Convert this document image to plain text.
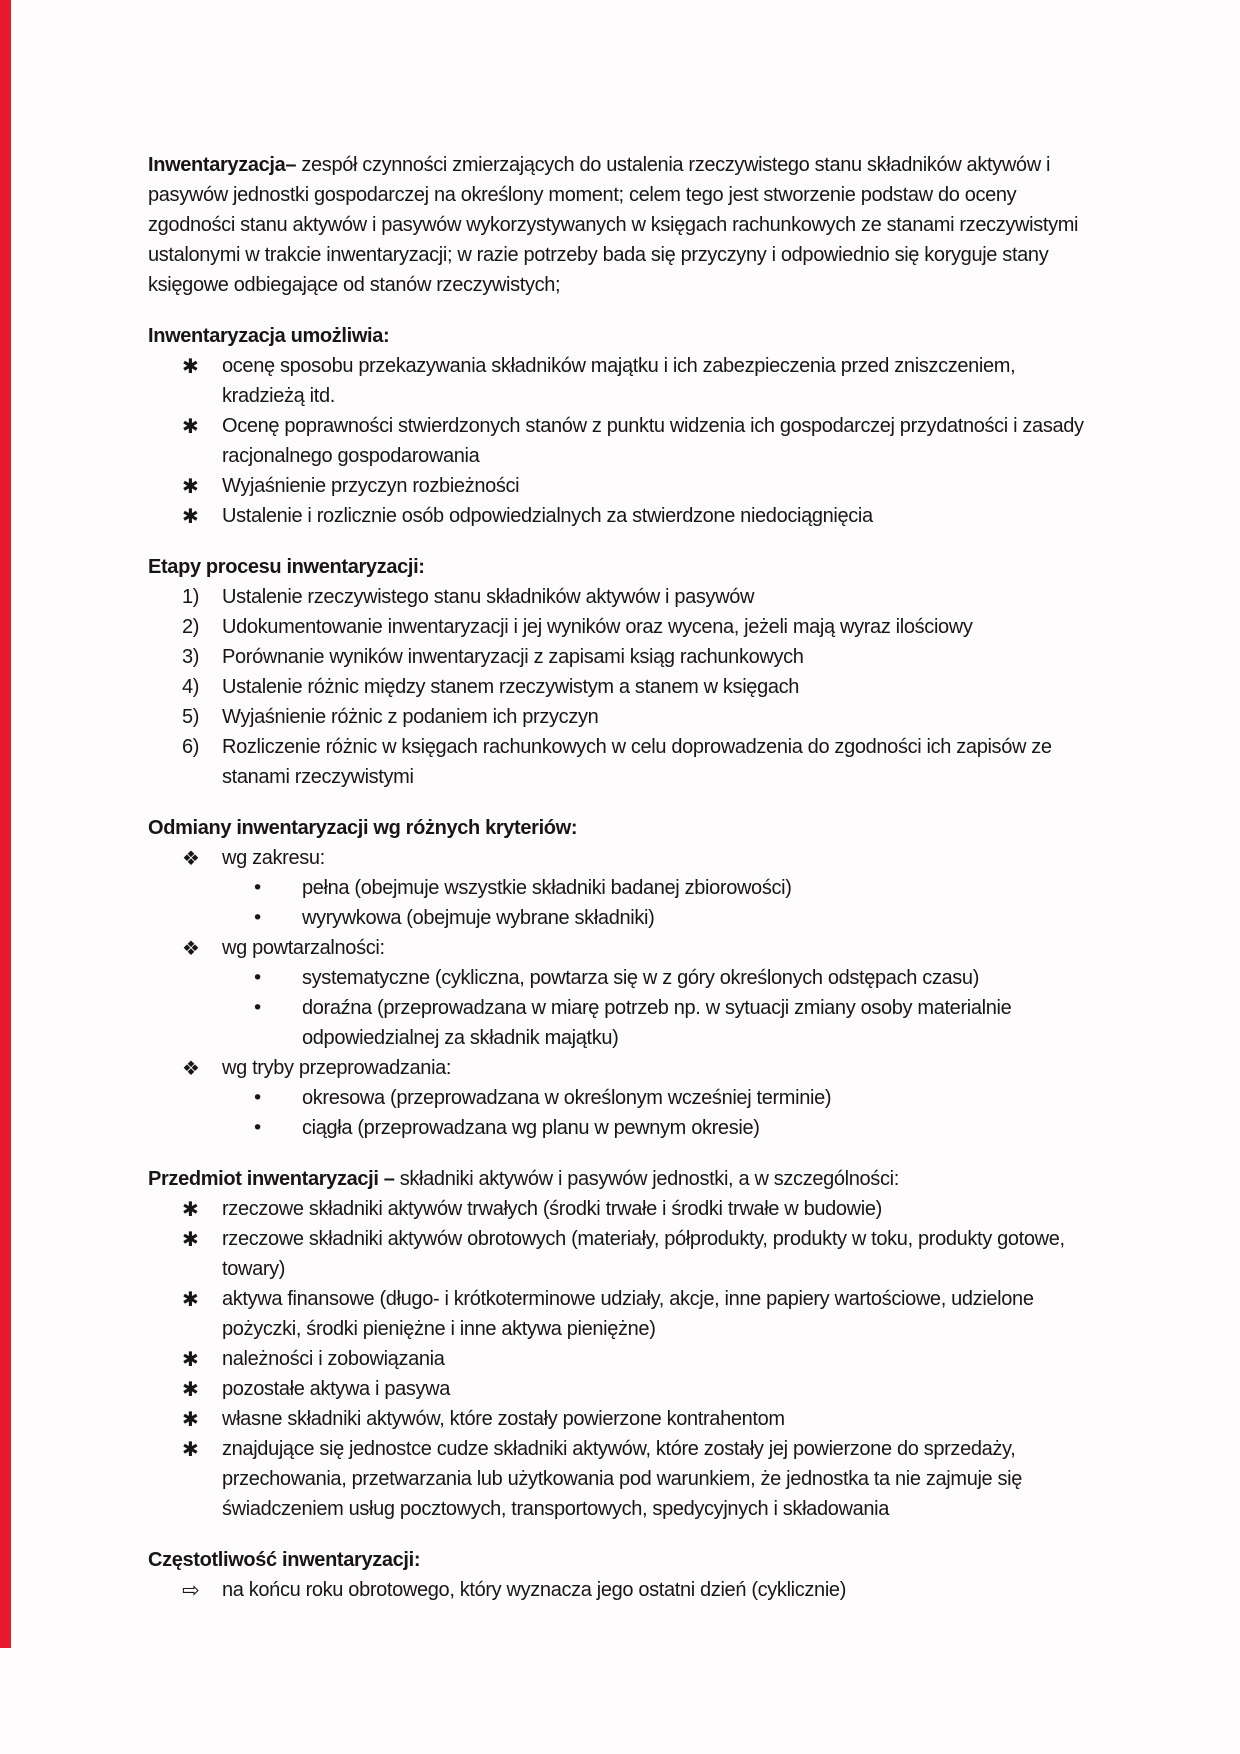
Inwentaryzacja– zespół czynności zmierzających do ustalenia rzeczywistego stanu składników aktywów i pasywów jednostki gospodarczej na określony moment; celem tego jest stworzenie podstaw do oceny zgodności stanu aktywów i pasywów wykorzystywanych w księgach rachunkowych ze stanami rzeczywistymi ustalonymi w trakcie inwentaryzacji; w razie potrzeby bada się przyczyny i odpowiednio się koryguje stany księgowe odbiegające od stanów rzeczywistych;

Inwentaryzacja umożliwia:
✱	ocenę sposobu przekazywania składników majątku i ich zabezpieczenia przed zniszczeniem, kradzieżą itd.
✱	Ocenę poprawności stwierdzonych stanów z punktu widzenia ich gospodarczej przydatności i zasady racjonalnego gospodarowania
✱	Wyjaśnienie przyczyn rozbieżności
✱	Ustalenie i rozlicznie osób odpowiedzialnych za stwierdzone niedociągnięcia
Etapy procesu inwentaryzacji:
1)	Ustalenie rzeczywistego stanu składników aktywów i pasywów
2)	Udokumentowanie inwentaryzacji i jej wyników oraz wycena, jeżeli mają wyraz ilościowy
3)	Porównanie wyników inwentaryzacji z zapisami ksiąg rachunkowych
4)	Ustalenie różnic między stanem rzeczywistym a stanem w księgach
5)	Wyjaśnienie różnic z podaniem ich przyczyn
6)	Rozliczenie różnic w księgach rachunkowych w celu doprowadzenia do zgodności ich zapisów ze stanami rzeczywistymi
Odmiany inwentaryzacji wg różnych kryteriów:
❖	wg zakresu:
•	pełna (obejmuje wszystkie składniki badanej zbiorowości)
•	wyrywkowa (obejmuje wybrane składniki)
❖	wg powtarzalności:
•	systematyczne (cykliczna, powtarza się w z góry określonych odstępach czasu)
•	doraźna (przeprowadzana w miarę potrzeb np. w sytuacji zmiany osoby materialnie odpowiedzialnej za składnik majątku)
❖	wg tryby przeprowadzania:
•	okresowa (przeprowadzana w określonym wcześniej terminie)
•	ciągła (przeprowadzana wg planu w pewnym okresie)
Przedmiot inwentaryzacji – składniki aktywów i pasywów jednostki, a w szczególności:
✱	rzeczowe składniki aktywów trwałych (środki trwałe i środki trwałe w budowie)
✱	rzeczowe składniki aktywów obrotowych (materiały, półprodukty, produkty w toku, produkty gotowe, towary)
✱	aktywa finansowe (długo- i krótkoterminowe udziały, akcje, inne papiery wartościowe, udzielone pożyczki, środki pieniężne i inne aktywa pieniężne)
✱	należności i zobowiązania
✱	pozostałe aktywa i pasywa
✱	własne składniki aktywów, które zostały powierzone kontrahentom
✱	znajdujące się jednostce cudze składniki aktywów, które zostały jej powierzone do sprzedaży, przechowania, przetwarzania lub użytkowania pod warunkiem, że jednostka ta nie zajmuje się świadczeniem usług pocztowych, transportowych, spedycyjnych i składowania
Częstotliwość inwentaryzacji:
⇨	na końcu roku obrotowego, który wyznacza jego ostatni dzień (cyklicznie)
